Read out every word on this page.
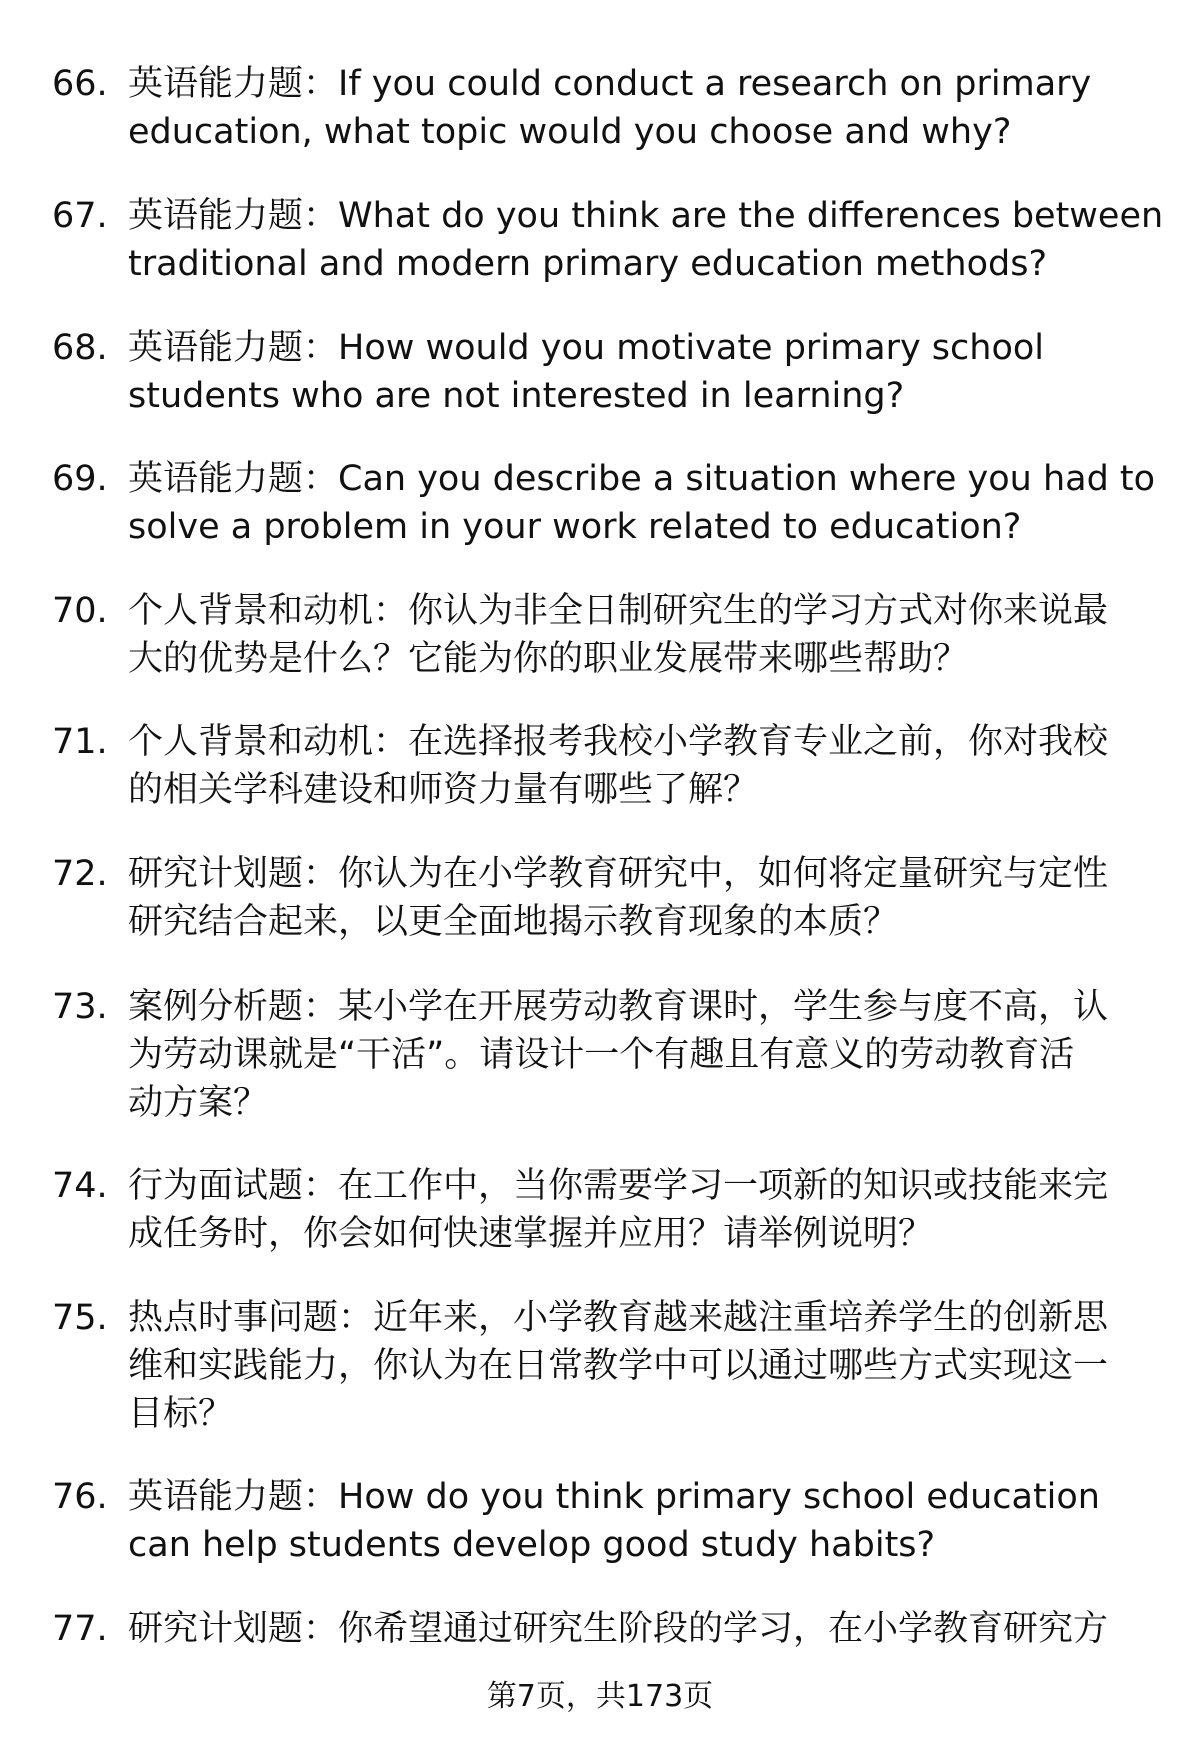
66. 英语能力题：If you could conduct a research on primary
education, what topic would you choose and why?
67. 英语能力题：What do you think are the differences between
traditional and modern primary education methods?
68. 英语能力题：How would you motivate primary school
students who are not interested in learning?
69. 英语能力题：Can you describe a situation where you had to
solve a problem in your work related to education?
70. 个人背景和动机：你认为非全日制研究生的学习方式对你来说最
大的优势是什么？它能为你的职业发展带来哪些帮助？
71. 个人背景和动机：在选择报考我校小学教育专业之前，你对我校
的相关学科建设和师资力量有哪些了解？
72. 研究计划题：你认为在小学教育研究中，如何将定量研究与定性
研究结合起来，以更全面地揭示教育现象的本质？
73. 案例分析题：某小学在开展劳动教育课时，学生参与度不高，认
为劳动课就是“干活”。请设计一个有趣且有意义的劳动教育活
动方案？
74. 行为面试题：在工作中，当你需要学习一项新的知识或技能来完
成任务时，你会如何快速掌握并应用？请举例说明？
75. 热点时事问题：近年来，小学教育越来越注重培养学生的创新思
维和实践能力，你认为在日常教学中可以通过哪些方式实现这一
目标？
76. 英语能力题：How do you think primary school education
can help students develop good study habits?
77. 研究计划题：你希望通过研究生阶段的学习，在小学教育研究方
第7页，共173页
